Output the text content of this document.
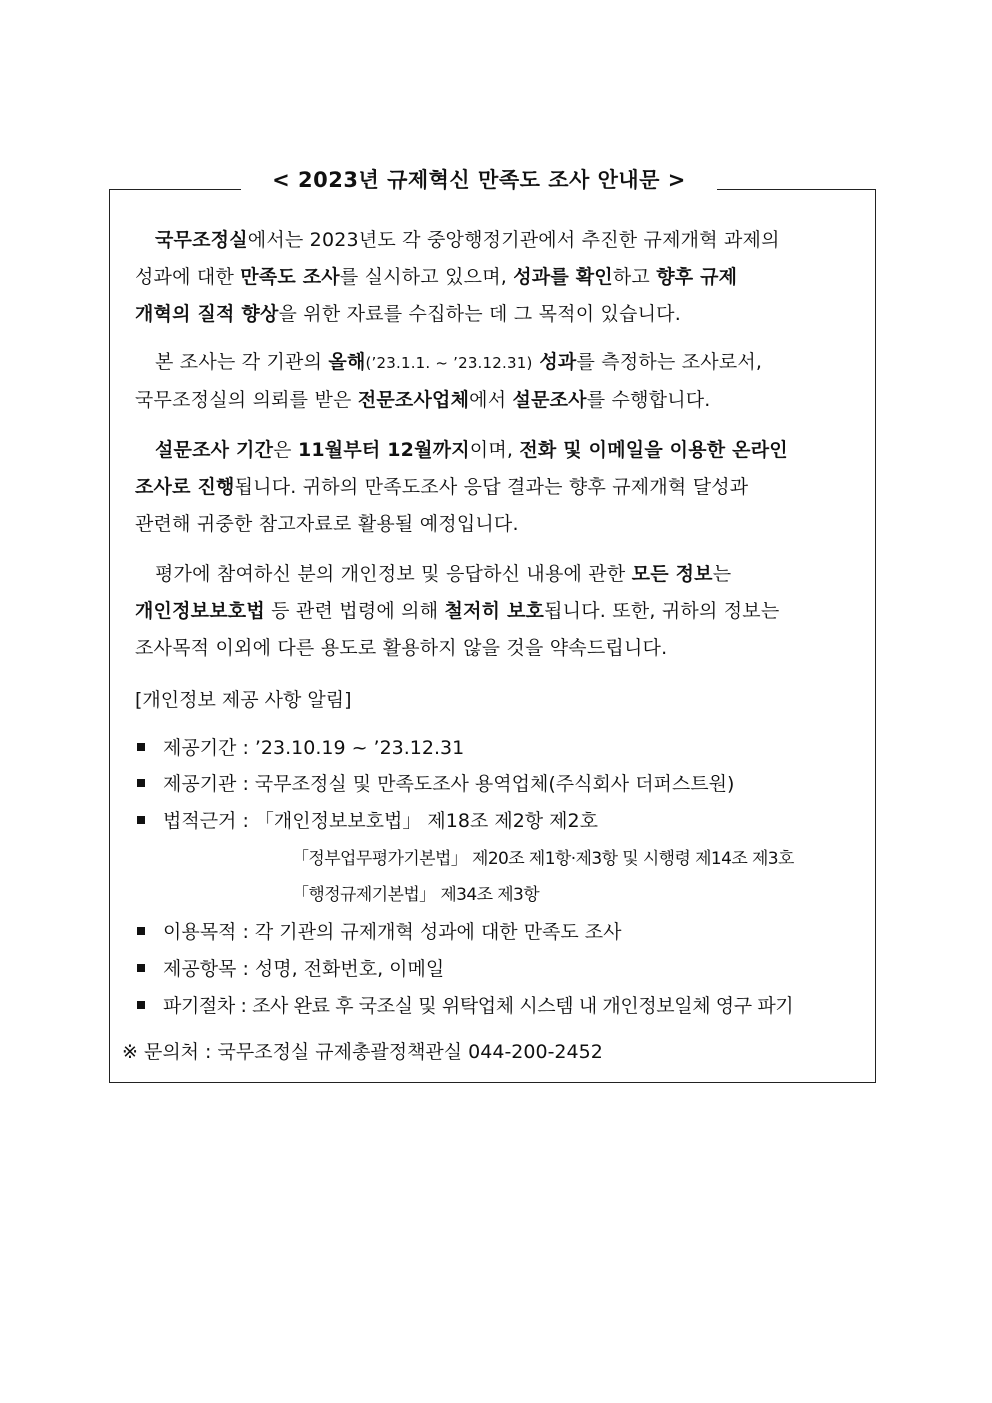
< 2023년 규제혁신 만족도 조사 안내문 >
국무조정실에서는 2023년도 각 중앙행정기관에서 추진한 규제개혁 과제의
성과에 대한 만족도 조사를 실시하고 있으며, 성과를 확인하고 향후 규제
개혁의 질적 향상을 위한 자료를 수집하는 데 그 목적이 있습니다.
본 조사는 각 기관의 올해(’23.1.1. ~ ’23.12.31) 성과를 측정하는 조사로서,
국무조정실의 의뢰를 받은 전문조사업체에서 설문조사를 수행합니다.
설문조사 기간은 11월부터 12월까지이며, 전화 및 이메일을 이용한 온라인
조사로 진행됩니다. 귀하의 만족도조사 응답 결과는 향후 규제개혁 달성과
관련해 귀중한 참고자료로 활용될 예정입니다.
평가에 참여하신 분의 개인정보 및 응답하신 내용에 관한 모든 정보는
개인정보보호법 등 관련 법령에 의해 철저히 보호됩니다. 또한, 귀하의 정보는
조사목적 이외에 다른 용도로 활용하지 않을 것을 약속드립니다.
[개인정보 제공 사항 알림]
제공기간 : ’23.10.19 ~ ’23.12.31
제공기관 : 국무조정실 및 만족도조사 용역업체(주식회사 더퍼스트원)
법적근거 : 「개인정보보호법」 제18조 제2항 제2호
「정부업무평가기본법」 제20조 제1항·제3항 및 시행령 제14조 제3호
「행정규제기본법」 제34조 제3항
이용목적 : 각 기관의 규제개혁 성과에 대한 만족도 조사
제공항목 : 성명, 전화번호, 이메일
파기절차 : 조사 완료 후 국조실 및 위탁업체 시스템 내 개인정보일체 영구 파기
※ 문의처 : 국무조정실 규제총괄정책관실 044-200-2452
